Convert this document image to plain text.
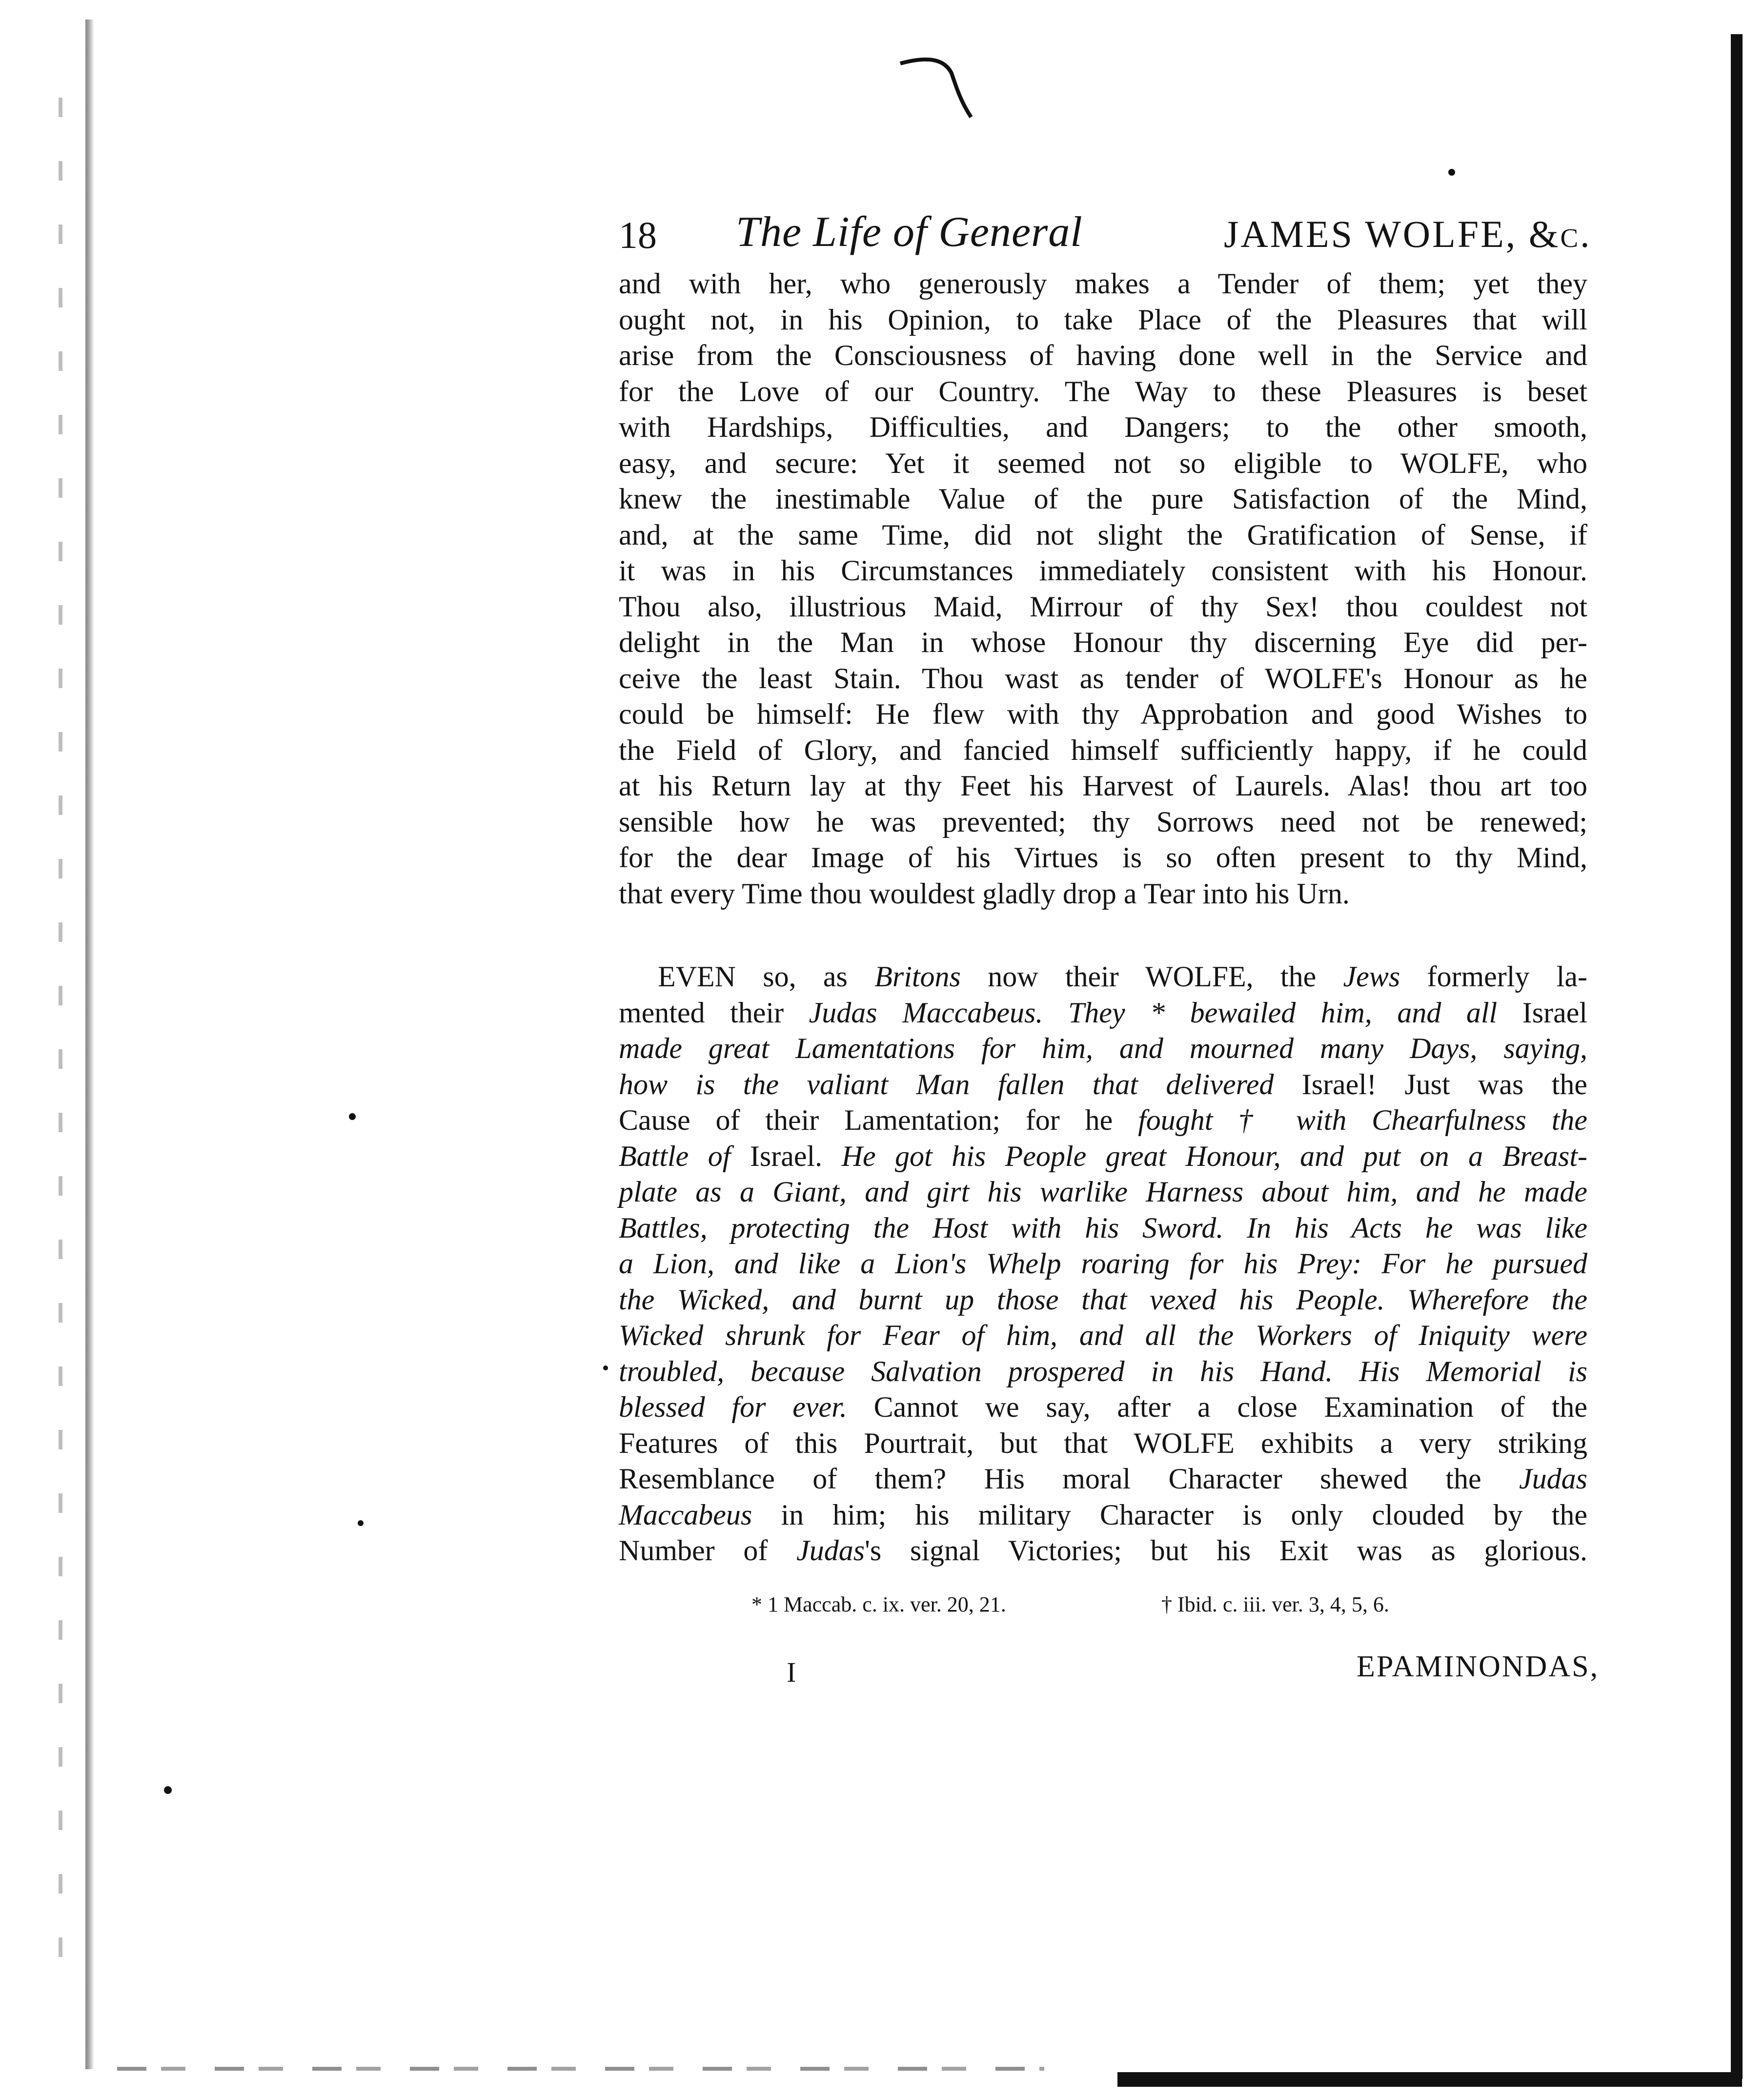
18 The Life of General	JAMES WOLFE, &c.
and with her, who generously makes a Tender of them; yet they
ought not, in his Opinion, to take Place of the Pleasures that will
arise from the Consciousness of having done well in the Service and
for the Love of our Country. The Way to these Pleasures is beset
with Hardships, Difficulties, and Dangers; to the other smooth,
easy, and secure: Yet it seemed not so eligible to WOLFE, who
knew the inestimable Value of the pure Satisfaction of the Mind,
and, at the same Time, did not slight the Gratification of Sense, if
it was in his Circumstances immediately consistent with his Honour.
Thou also, illustrious Maid, Mirrour of thy Sex! thou couldest not
delight in the Man in whose Honour thy discerning Eye did per-
ceive the least Stain. Thou wast as tender of WOLFE's Honour as he
could be himself: He flew with thy Approbation and good Wishes to
the Field of Glory, and fancied himself sufficiently happy, if he could
at his Return lay at thy Feet his Harvest of Laurels. Alas! thou art too
sensible how he was prevented; thy Sorrows need not be renewed;
for the dear Image of his Virtues is so often present to thy Mind,
that every Time thou wouldest gladly drop a Tear into his Urn.
EVEN so, as Britons now their WOLFE, the Jews formerly la-
mented their Judas Maccabeus. They * bewailed him, and all Israel
made great Lamentations for him, and mourned many Days, saying,
how is the valiant Man fallen that delivered Israel! Just was the
Cause of their Lamentation; for he fought † with Chearfulness the
Battle of Israel. He got his People great Honour, and put on a Breast-
plate as a Giant, and girt his warlike Harness about him, and he made
Battles, protecting the Host with his Sword. In his Acts he was like
a Lion, and like a Lion's Whelp roaring for his Prey: For he pursued
the Wicked, and burnt up those that vexed his People. Wherefore the
Wicked shrunk for Fear of him, and all the Workers of Iniquity were
troubled, because Salvation prospered in his Hand. His Memorial is
blessed for ever. Cannot we say, after a close Examination of the
Features of this Pourtrait, but that WOLFE exhibits a very striking
Resemblance of them? His moral Character shewed the Judas
Maccabeus in him; his military Character is only clouded by the
Number of Judas's signal Victories; but his Exit was as glorious.
* 1 Maccab. c. ix. ver. 20, 21.	† Ibid. c. iii. ver. 3, 4, 5, 6.
I	EPAMINONDAS,
